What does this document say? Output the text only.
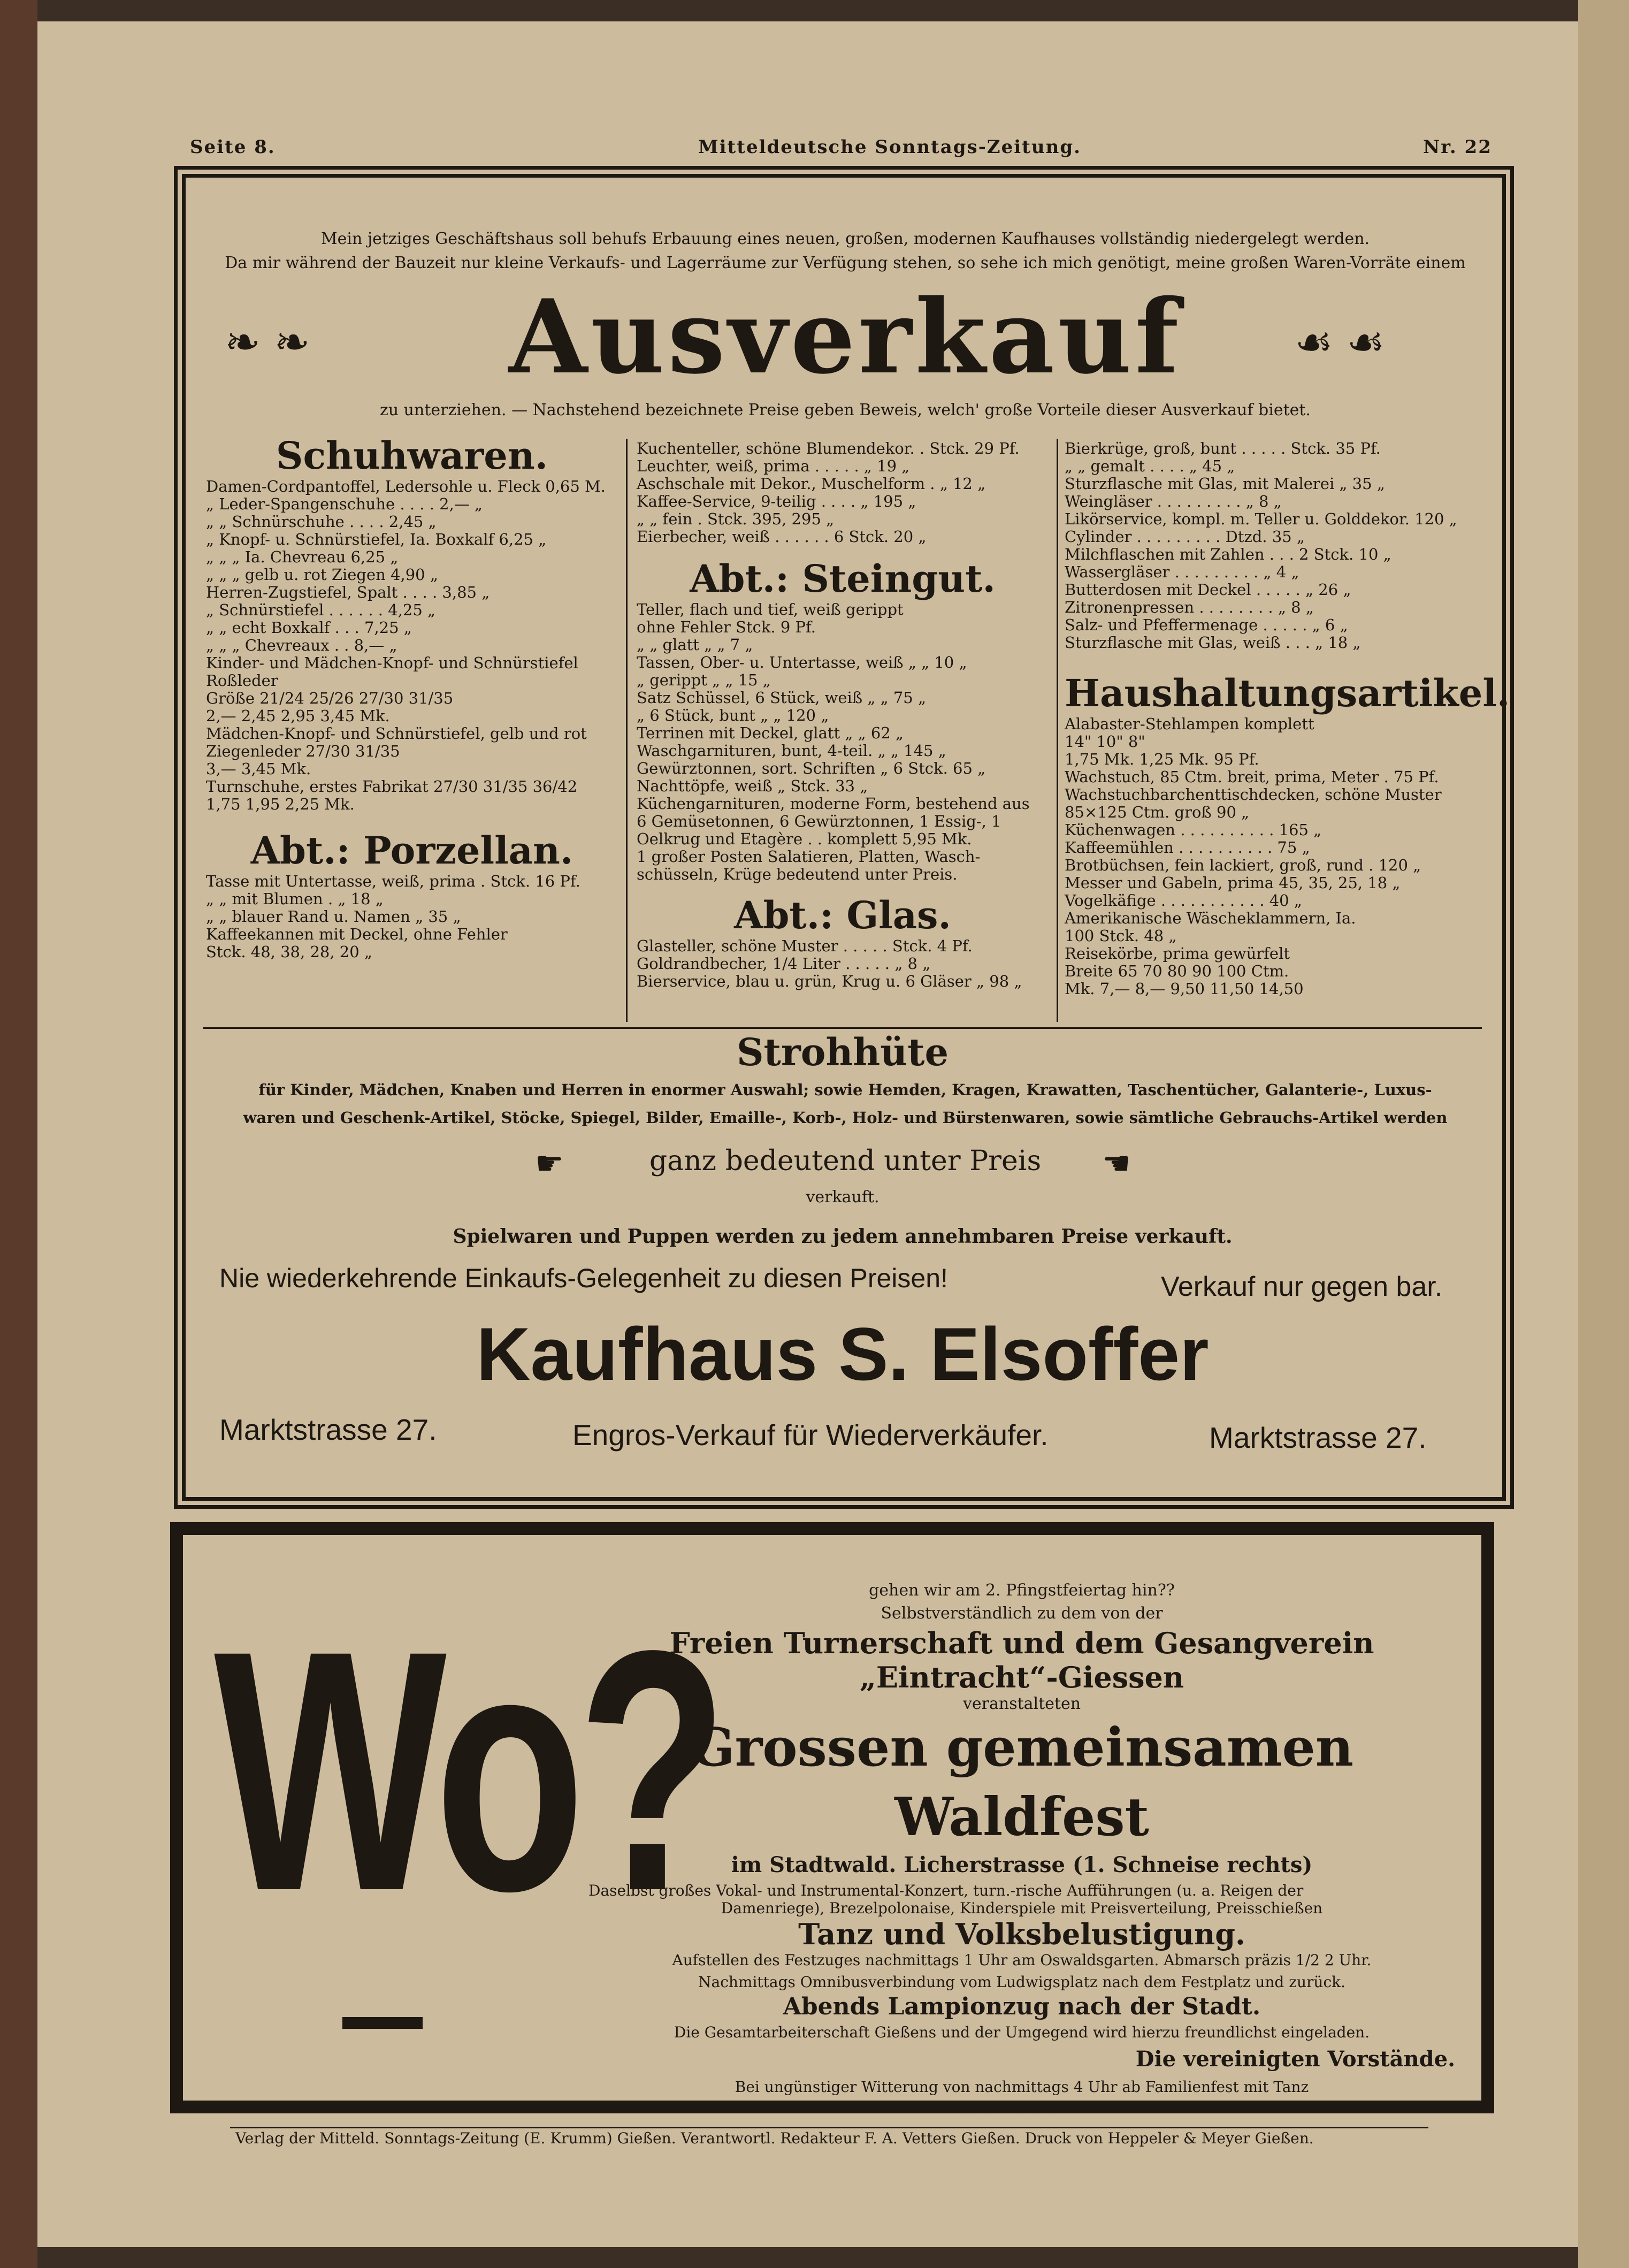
Seite 8.	Mitteldeutsche Sonntags-Zeitung.	Nr. 22
Mein jetziges Geschäftshaus soll behufs Erbauung eines neuen, großen, modernen Kaufhauses vollständig niedergelegt werden.
Da mir während der Bauzeit nur kleine Verkaufs- und Lagerräume zur Verfügung stehen, so sehe ich mich genötigt, meine großen Waren-Vorräte einem
❧ ❧	Ausverkauf	☙ ☙
zu unterziehen. — Nachstehend bezeichnete Preise geben Beweis, welch' große Vorteile dieser Ausverkauf bietet.
Schuhwaren.
Damen-Cordpantoffel, Ledersohle u. Fleck 0,65 M.
„ Leder-Spangenschuhe . . . . 2,— „
„ „ Schnürschuhe . . . . 2,45 „
„ Knopf- u. Schnürstiefel, Ia. Boxkalf 6,25 „
„ „ „ Ia. Chevreau 6,25 „
„ „ „ gelb u. rot Ziegen 4,90 „
Herren-Zugstiefel, Spalt . . . . 3,85 „
„ Schnürstiefel . . . . . . 4,25 „
„ „ echt Boxkalf . . . 7,25 „
„ „ „ Chevreaux . . 8,— „
Kinder- und Mädchen-Knopf- und Schnürstiefel
Roßleder
Größe 21/24 25/26 27/30 31/35
2,— 2,45 2,95 3,45 Mk.
Mädchen-Knopf- und Schnürstiefel, gelb und rot
Ziegenleder 27/30 31/35
3,— 3,45 Mk.
Turnschuhe, erstes Fabrikat 27/30 31/35 36/42
1,75 1,95 2,25 Mk.
Abt.: Porzellan.
Tasse mit Untertasse, weiß, prima . Stck. 16 Pf.
„ „ mit Blumen . „ 18 „
„ „ blauer Rand u. Namen „ 35 „
Kaffeekannen mit Deckel, ohne Fehler
Stck. 48, 38, 28, 20 „
Kuchenteller, schöne Blumendekor. . Stck. 29 Pf.
Leuchter, weiß, prima . . . . . „ 19 „
Aschschale mit Dekor., Muschelform . „ 12 „
Kaffee-Service, 9-teilig . . . . „ 195 „
„ „ fein . Stck. 395, 295 „
Eierbecher, weiß . . . . . . 6 Stck. 20 „
Abt.: Steingut.
Teller, flach und tief, weiß gerippt
ohne Fehler Stck. 9 Pf.
„ „ glatt „ „ 7 „
Tassen, Ober- u. Untertasse, weiß „ „ 10 „
„ gerippt „ „ 15 „
Satz Schüssel, 6 Stück, weiß „ „ 75 „
„ 6 Stück, bunt „ „ 120 „
Terrinen mit Deckel, glatt „ „ 62 „
Waschgarnituren, bunt, 4-teil. „ „ 145 „
Gewürztonnen, sort. Schriften „ 6 Stck. 65 „
Nachttöpfe, weiß „ Stck. 33 „
Küchengarnituren, moderne Form, bestehend aus
6 Gemüsetonnen, 6 Gewürztonnen, 1 Essig-, 1
Oelkrug und Etagère . . komplett 5,95 Mk.
1 großer Posten Salatieren, Platten, Wasch-
schüsseln, Krüge bedeutend unter Preis.
Abt.: Glas.
Glasteller, schöne Muster . . . . . Stck. 4 Pf.
Goldrandbecher, 1/4 Liter . . . . . „ 8 „
Bierservice, blau u. grün, Krug u. 6 Gläser „ 98 „
Bierkrüge, groß, bunt . . . . . Stck. 35 Pf.
„ „ gemalt . . . . „ 45 „
Sturzflasche mit Glas, mit Malerei „ 35 „
Weingläser . . . . . . . . . „ 8 „
Likörservice, kompl. m. Teller u. Golddekor. 120 „
Cylinder . . . . . . . . . Dtzd. 35 „
Milchflaschen mit Zahlen . . . 2 Stck. 10 „
Wassergläser . . . . . . . . . „ 4 „
Butterdosen mit Deckel . . . . . „ 26 „
Zitronenpressen . . . . . . . . „ 8 „
Salz- und Pfeffermenage . . . . . „ 6 „
Sturzflasche mit Glas, weiß . . . „ 18 „
Haushaltungsartikel.
Alabaster-Stehlampen komplett
14" 10" 8"
1,75 Mk. 1,25 Mk. 95 Pf.
Wachstuch, 85 Ctm. breit, prima, Meter . 75 Pf.
Wachstuchbarchenttischdecken, schöne Muster
85×125 Ctm. groß 90 „
Küchenwagen . . . . . . . . . . 165 „
Kaffeemühlen . . . . . . . . . . 75 „
Brotbüchsen, fein lackiert, groß, rund . 120 „
Messer und Gabeln, prima 45, 35, 25, 18 „
Vogelkäfige . . . . . . . . . . . 40 „
Amerikanische Wäscheklammern, Ia.
100 Stck. 48 „
Reisekörbe, prima gewürfelt
Breite 65 70 80 90 100 Ctm.
Mk. 7,— 8,— 9,50 11,50 14,50
Strohhüte
für Kinder, Mädchen, Knaben und Herren in enormer Auswahl; sowie Hemden, Kragen, Krawatten, Taschentücher, Galanterie-, Luxus-
waren und Geschenk-Artikel, Stöcke, Spiegel, Bilder, Emaille-, Korb-, Holz- und Bürstenwaren, sowie sämtliche Gebrauchs-Artikel werden
☛	ganz bedeutend unter Preis	☚
verkauft.
Spielwaren und Puppen werden zu jedem annehmbaren Preise verkauft.
Nie wiederkehrende Einkaufs-Gelegenheit zu diesen Preisen!	Verkauf nur gegen bar.
Kaufhaus S. Elsoffer
Marktstrasse 27.	Engros-Verkauf für Wiederverkäufer.	Marktstrasse 27.
Wo?	gehen wir am 2. Pfingstfeiertag hin??
Selbstverständlich zu dem von der
Freien Turnerschaft und dem Gesangverein „Eintracht“-Giessen
veranstalteten
Grossen gemeinsamen Waldfest
im Stadtwald. Licherstrasse (1. Schneise rechts)
Daselbst großes Vokal- und Instrumental-Konzert, turn.-rische Aufführungen (u. a. Reigen der
Damenriege), Brezelpolonaise, Kinderspiele mit Preisverteilung, Preisschießen
Tanz und Volksbelustigung.
Aufstellen des Festzuges nachmittags 1 Uhr am Oswaldsgarten. Abmarsch präzis 1/2 2 Uhr.
Nachmittags Omnibusverbindung vom Ludwigsplatz nach dem Festplatz und zurück.
Abends Lampionzug nach der Stadt.
Die Gesamtarbeiterschaft Gießens und der Umgegend wird hierzu freundlichst eingeladen.
Die vereinigten Vorstände.
Bei ungünstiger Witterung von nachmittags 4 Uhr ab Familienfest mit Tanz
im Saale des Café Leib.
Verlag der Mitteld. Sonntags-Zeitung (E. Krumm) Gießen. Verantwortl. Redakteur F. A. Vetters Gießen. Druck von Heppeler & Meyer Gießen.
